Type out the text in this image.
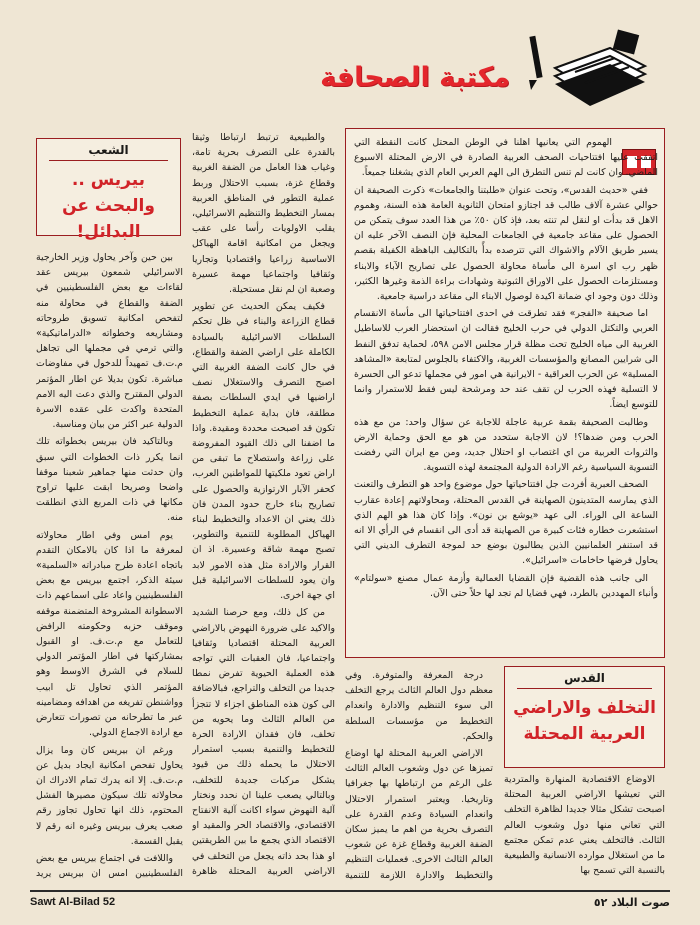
مكتبة الصحافة

الهموم التي يعانيها اهلنا في الوطن المحتل كانت النقطة التي اتفقت عليها افتتاحيات الصحف العربية الصادرة في الارض المحتلة الاسبوع الماضي. وان كانت لم تنس التطرق الى الهم العربي العام الذي يشغلنا جميعاً.

ففي «حديث القدس»، وتحت عنوان «طلبتنا والجامعات» ذكرت الصحيفة ان حوالي عشرة آلاف طالب قد اجتازو امتحان الثانوية العامة هذه السنة، وهموم الاهل قد بدأت او لنقل لم تنته بعد، فإذ كان ٥٠٪ من هذا العدد سوف يتمكن من الحصول على مقاعد جامعية في الجامعات المحلية فإن النصف الآخر عليه ان يسير طريق الآلام والاشواك التي تترصده بدأً بالتكاليف الباهظة الكفيلة بقصم ظهر رب اي اسرة الى مأساة محاولة الحصول على تصاريح الآباء والابناء ومستلزمات الحصول على الاوراق الثبوتية وشهادات براءة الذمة وغيرها الكثير، وذلك دون وجود اي ضمانة اكيدة لوصول الابناء الى مقاعد دراسية جامعية.

اما صحيفة «الفجر» فقد تطرقت في احدى افتتاحياتها الى مأساة الانقسام العربي والتكتل الدولي في حرب الخليج فقالت ان استحضار العرب للاساطيل الغربية الى مياه الخليج تحت مظلة قرار مجلس الامن ٥٩٨، لحماية تدفق النفط الى شرايين المصانع والمؤسسات الغربية، والاكتفاء بالجلوس لمتابعة «المشاهد المسلية» عن الحرب العراقية - الايرانية هي امور في مجملها تدعو الى الحسرة لا التسلية فهذه الحرب لن تقف عند حد ومرشحة ليس فقط للاستمرار وانما للتوسع ايضاً.

وطالبت الصحيفة بقمة عربية عاجلة للاجابة عن سؤال واحد: من مع هذه الحرب ومن ضدها؟! لان الاجابة ستحدد من هو مع الحق وحماية الارض والثروات العربية من اي اغتصاب او احتلال جديد، ومن مع ايران التي رفضت التسوية السياسية رغم الارادة الدولية المجتمعة لهذه التسوية.

الصحف العبرية أفردت جل افتتاحياتها حول موضوع واحد هو التطرف والتعنت الذي يمارسه المتدينون الصهاينة في القدس المحتلة، ومحاولاتهم إعادة عقارب الساعة الى الوراء. الى عهد «يوشع بن نون». وإذا كان هذا هو الهم الذي استشعرت خطاره فئات كبيرة من الصهاينة قد أدى الى انقسام في الرأي الا انه قد استنفر العلمانيين الذين يطالبون بوضع حد لموجة التطرف الديني التي يحاول فرضها حاخامات «اسرائيل».

الى جانب هذه القضية فإن القضايا العمالية وأزمة عمال مصنع «سولتام» وأنباء المهددين بالطرد، فهي قضايا لم تجد لها حلاً حتى الآن.

الشعب
بيريس .. والبحث عن البدائل!

بين حين وآخر يحاول وزير الخارجية الاسرائيلي شمعون بيريس عقد لقاءات مع بعض الفلسطينيين في الضفة والقطاع في محاولة منه لتفحص امكانية تسويق طروحاته ومشاريعه وخطواته «الدراماتيكية» والتي ترمي في مجملها الى تجاهل م.ت.ف تمهيداً للدخول في مفاوضات مباشرة. تكون بديلا عن اطار المؤتمر الدولي المقترح والذي دعت اليه الامم المتحدة واكدت على عقده الاسرة الدولية عبر اكثر من بيان ومناسبة.

وبالتاكيد فان بيريس بخطواته تلك انما يكرر ذات الخطوات التي سبق وان حدثت منها جماهير شعبنا موقفا واضحا وصريحا ابقت عليها تراوح مكانها في ذات المربع الذي انطلقت منه.

يوم امس وفي اطار محاولاته لمعرفة ما اذا كان بالامكان التقدم باتجاه اعادة طرح مبادراته «السلمية» سيئة الذكر، اجتمع بيريس مع بعض الفلسطينيين واعاد على اسماعهم ذات الاسطوانة المشروخة المتضمنة موقفه وموقف حزبه وحكومته الرافض للتعامل مع م.ت.ف. او القبول بمشاركتها في اطار المؤتمر الدولي للسلام في الشرق الاوسط وهو المؤتمر الذي تحاول تل ابيب وواشنطن تفريغه من اهدافه ومضامينه عبر ما تطرحانه من تصورات تتعارض مع ارادة الاجماع الدولي.

ورغم ان بيريس كان وما يزال يحاول تفحص امكانية ايجاد بديل عن م.ت.ف. إلا انه يدرك تمام الادراك ان محاولاته تلك سيكون مصيرها الفشل المحتوم، ذلك انها تحاول تجاوز رقم صعب يعرف بيريس وغيره انه رقم لا يقبل القسمة.

واللافت في اجتماع بيريس مع بعض الفلسطينيين امس ان بيريس يريد

والطبيعية ترتبط ارتباطا وثيقا بالقدرة على التصرف بحرية تامة، وغياب هذا العامل من الضفة الغربية وقطاع غزة، بسبب الاحتلال وربط عملية التطور في المناطق العربية بمسار التخطيط والتنظيم الاسرائيلي، يقلب الاولويات رأسا على عقب ويجعل من امكانية اقامة الهياكل الاساسية زراعيا واقتصاديا وتجاريا وثقافيا واجتماعيا مهمة عسيرة وصعبة ان لم نقل مستحيلة.

فكيف يمكن الحديث عن تطوير قطاع الزراعة والبناء في ظل تحكم السلطات الاسرائيلية بالسيادة الكاملة على اراضي الضفة والقطاع، في حال كانت الضفة الغربية التي اصبح التصرف والاستغلال نصف اراضيها في ايدي السلطات بصفة مطلقة، فان بداية عملية التخطيط تكون قد اصبحت محددة ومقيدة. واذا ما اضفنا الى ذلك القيود المفروضة على زراعة واستصلاح ما تبقى من اراض تعود ملكيتها للمواطنين العرب، كحفر الآبار الارتوازية والحصول على تصاريح بناء خارج حدود المدن فان ذلك يعني ان الاعداد والتخطيط لبناء الهياكل المطلوبة للتنمية والتطوير، تصبح مهمة شاقة وعسيرة. اذ ان القرار والارادة مثل هذه الامور لابد وان يعود للسلطات الاسرائيلية قبل اي جهة اخرى.

من كل ذلك، ومع حرصنا الشديد والاكيد على ضرورة النهوض بالاراضي العربية المحتلة اقتصاديا وثقافيا واجتماعيا، فان العقبات التي تواجه هذه العملية الحيوية تفرض نمطا جديدا من التخلف والتراجع، فبالاضافة الى كون هذه المناطق اجزاء لا تتجزأ من العالم الثالث وما يحويه من تخلف، فان فقدان الارادة الحرة للتخطيط والتنمية بسبب استمرار الاحتلال ما يحمله ذلك من قيود يشكل مركبات جديدة للتخلف، وبالتالي يصعب علينا ان نحدد ونختار آلية النهوض سواء اكانت آلية الانفتاح الاقتصادي، والاقتصاد الحر والمقيد او الاقتصاد الذي يجمع ما بين الطريقتين او هذا بحد ذاته يجعل من التخلف في الاراضي العربية المحتلة ظاهرة

درجة المعرفة والمتوفرة. وفي معظم دول العالم الثالث يرجع التخلف الى سوء التنظيم والادارة وانعدام التخطيط من مؤسسات السلطة والحكم.

الاراضي العربية المحتلة لها اوضاع تميزها عن دول وشعوب العالم الثالث على الرغم من ارتباطها بها جغرافيا وتاريخيا. ويعتبر استمرار الاحتلال وانعدام السيادة وعدم القدرة على التصرف بحرية من اهم ما يميز سكان الضفة الغربية وقطاع غزة عن شعوب العالم الثالث الاخرى. فعمليات التنظيم والتخطيط والادارة اللازمة للتنمية

القدس
التخلف والاراضي العربية المحتلة

الاوضاع الاقتصادية المنهارة والمتردية التي تعيشها الاراضي العربية المحتلة اصبحت تشكل مثالا جديدا لظاهرة التخلف التي تعاني منها دول وشعوب العالم الثالث. فالتخلف يعني عدم تمكن مجتمع ما من استغلال موارده الانسانية والطبيعية بالنسبة التي تسمح بها

Sawt Al-Bilad 52	صوت البلاد ٥٢
